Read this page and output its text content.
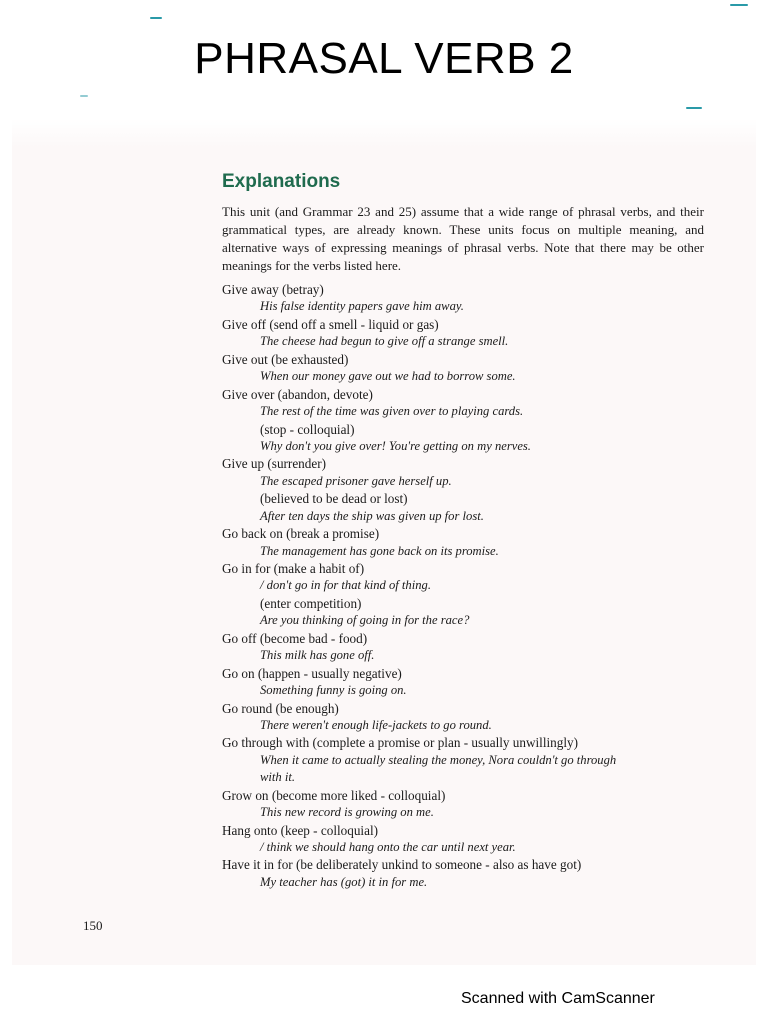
PHRASAL VERB 2
Explanations

This unit (and Grammar 23 and 25) assume that a wide range of phrasal verbs, and their grammatical types, are already known. These units focus on multiple meaning, and alternative ways of expressing meanings of phrasal verbs. Note that there may be other meanings for the verbs listed here.

Give away (betray)
His false identity papers gave him away.
Give off (send off a smell - liquid or gas)
The cheese had begun to give off a strange smell.
Give out (be exhausted)
When our money gave out we had to borrow some.
Give over (abandon, devote)
The rest of the time was given over to playing cards.
(stop - colloquial)
Why don't you give over! You're getting on my nerves.
Give up (surrender)
The escaped prisoner gave herself up.
(believed to be dead or lost)
After ten days the ship was given up for lost.
Go back on (break a promise)
The management has gone back on its promise.
Go in for (make a habit of)
/ don't go in for that kind of thing.
(enter competition)
Are you thinking of going in for the race?
Go off (become bad - food)
This milk has gone off.
Go on (happen - usually negative)
Something funny is going on.
Go round (be enough)
There weren't enough life-jackets to go round.
Go through with (complete a promise or plan - usually unwillingly)
When it came to actually stealing the money, Nora couldn't go through
with it.
Grow on (become more liked - colloquial)
This new record is growing on me.
Hang onto (keep - colloquial)
/ think we should hang onto the car until next year.
Have it in for (be deliberately unkind to someone - also as have got)
My teacher has (got) it in for me.
150
Scanned with CamScanner
